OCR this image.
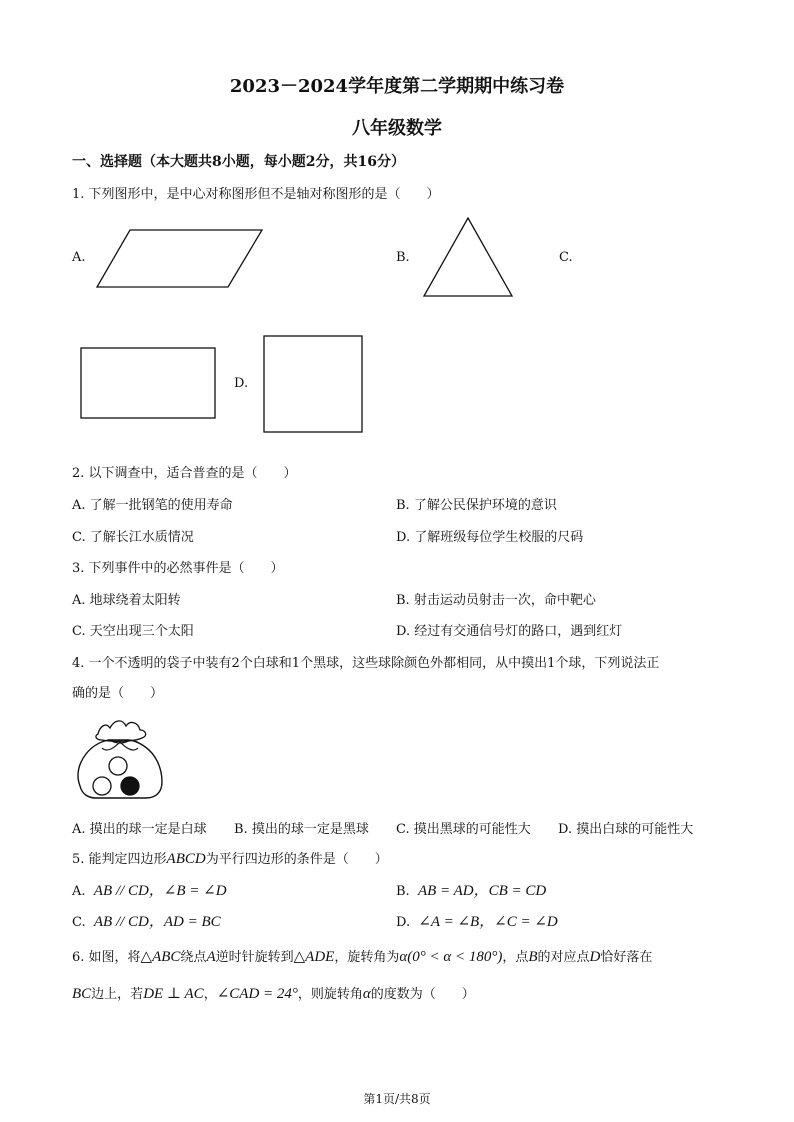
2023－2024学年度第二学期期中练习卷
八年级数学
一、选择题（本大题共8小题，每小题2分，共16分）
1. 下列图形中，是中心对称图形但不是轴对称图形的是（　　）
A.	B.	C.
D.
2. 以下调查中，适合普查的是（　　）
A. 了解一批钢笔的使用寿命	B. 了解公民保护环境的意识
C. 了解长江水质情况	D. 了解班级每位学生校服的尺码
3. 下列事件中的必然事件是（　　）
A. 地球绕着太阳转	B. 射击运动员射击一次，命中靶心
C. 天空出现三个太阳	D. 经过有交通信号灯的路口，遇到红灯
4. 一个不透明的袋子中装有2个白球和1个黑球，这些球除颜色外都相同，从中摸出1个球，下列说法正
确的是（　　）
A. 摸出的球一定是白球 B. 摸出的球一定是黑球 C. 摸出黑球的可能性大 D. 摸出白球的可能性大
5. 能判定四边形ABCD为平行四边形的条件是（　　）
A. AB // CD，∠B = ∠D	B. AB = AD，CB = CD
C. AB // CD，AD = BC	D. ∠A = ∠B，∠C = ∠D
6. 如图，将△ABC绕点A逆时针旋转到△ADE，旋转角为α(0° < α < 180°)，点B的对应点D恰好落在
BC边上，若DE ⊥ AC，∠CAD = 24°，则旋转角α的度数为（　　）
第1页/共8页
